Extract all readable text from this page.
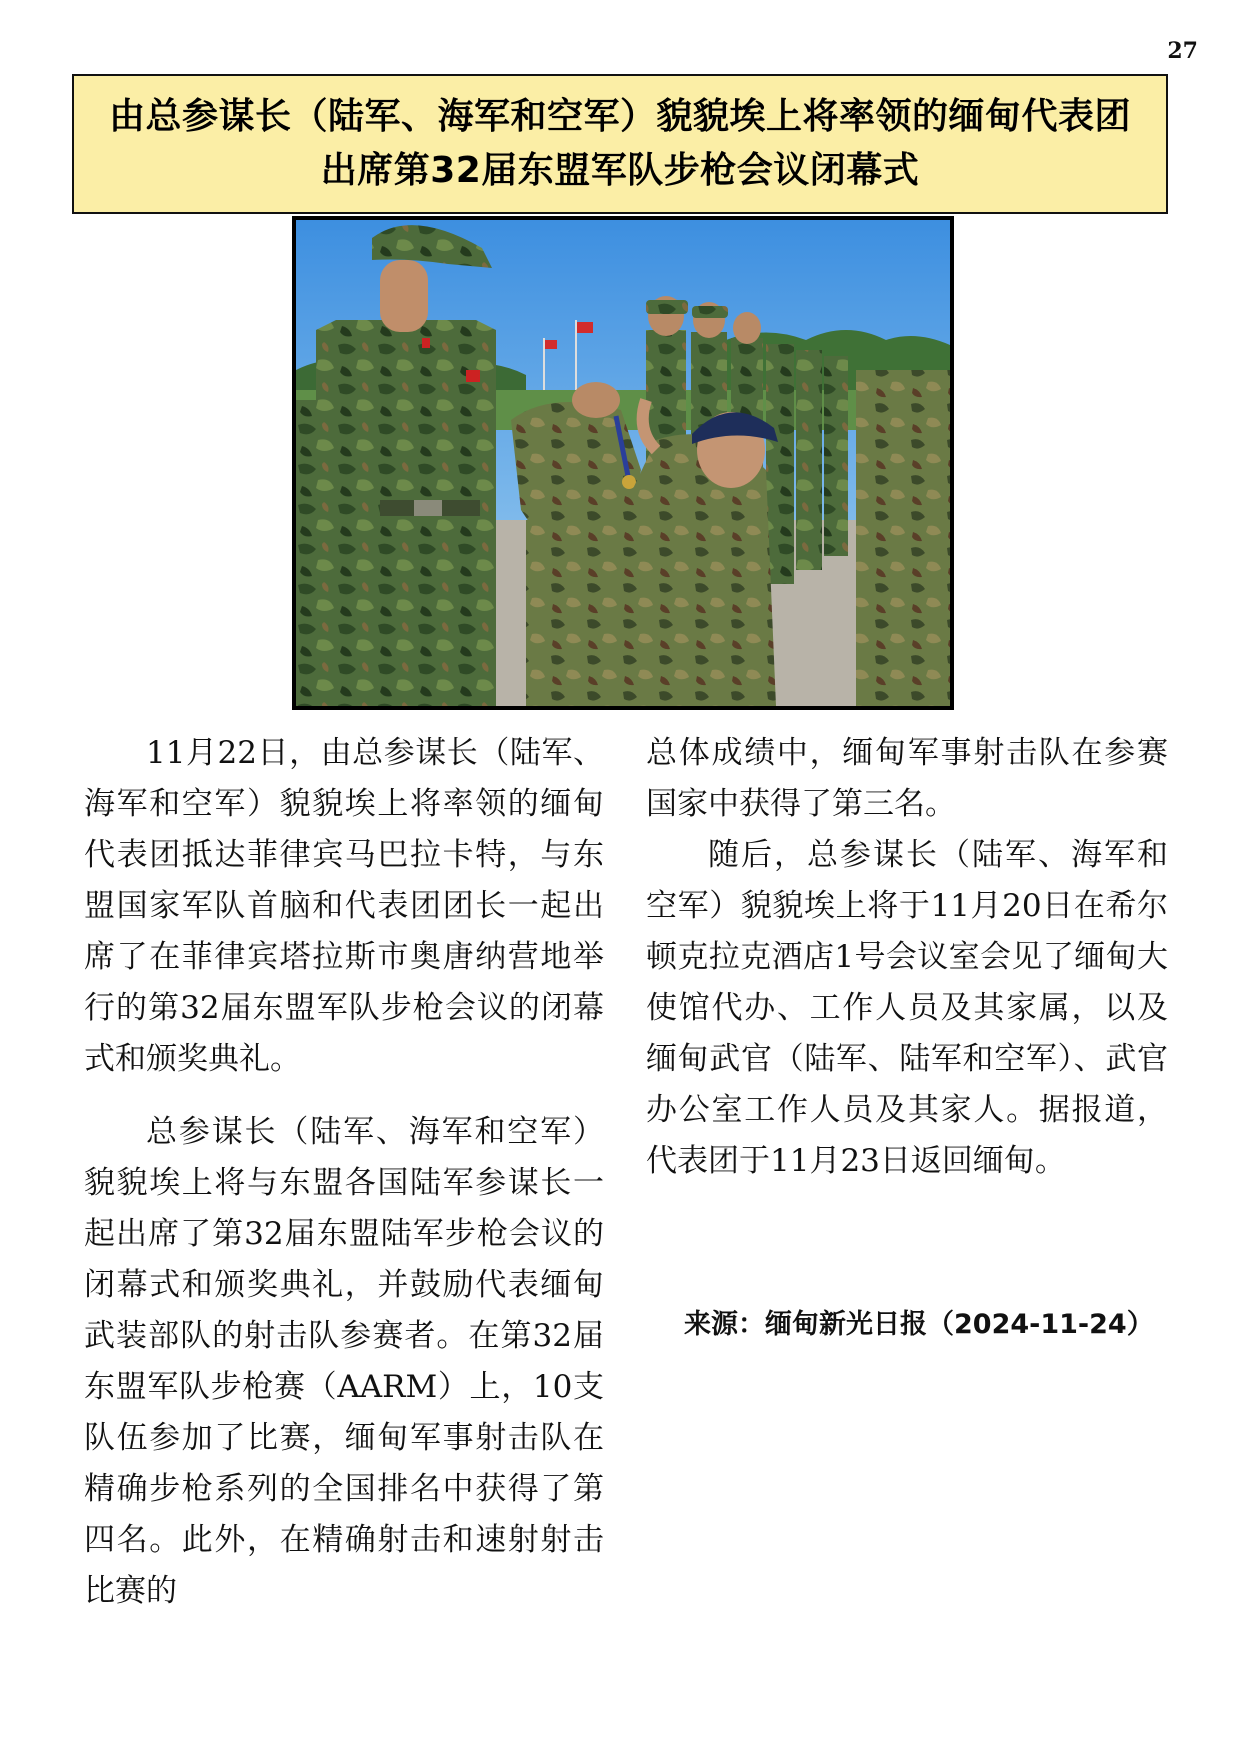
27
由总参谋长（陆军、海军和空军）貌貌埃上将率领的缅甸代表团
出席第32届东盟军队步枪会议闭幕式

11月22日，由总参谋长（陆军、海军和空军）貌貌埃上将率领的缅甸代表团抵达菲律宾马巴拉卡特，与东盟国家军队首脑和代表团团长一起出席了在菲律宾塔拉斯市奥唐纳营地举行的第32届东盟军队步枪会议的闭幕式和颁奖典礼。

总参谋长（陆军、海军和空军）貌貌埃上将与东盟各国陆军参谋长一起出席了第32届东盟陆军步枪会议的闭幕式和颁奖典礼，并鼓励代表缅甸武装部队的射击队参赛者。在第32届东盟军队步枪赛（AARM）上，10支队伍参加了比赛，缅甸军事射击队在精确步枪系列的全国排名中获得了第四名。此外，在精确射击和速射射击比赛的

总体成绩中，缅甸军事射击队在参赛国家中获得了第三名。

随后，总参谋长（陆军、海军和空军）貌貌埃上将于11月20日在希尔顿克拉克酒店1号会议室会见了缅甸大使馆代办、工作人员及其家属，以及缅甸武官（陆军、陆军和空军）、武官办公室工作人员及其家人。据报道，代表团于11月23日返回缅甸。

来源：缅甸新光日报（2024-11-24）
